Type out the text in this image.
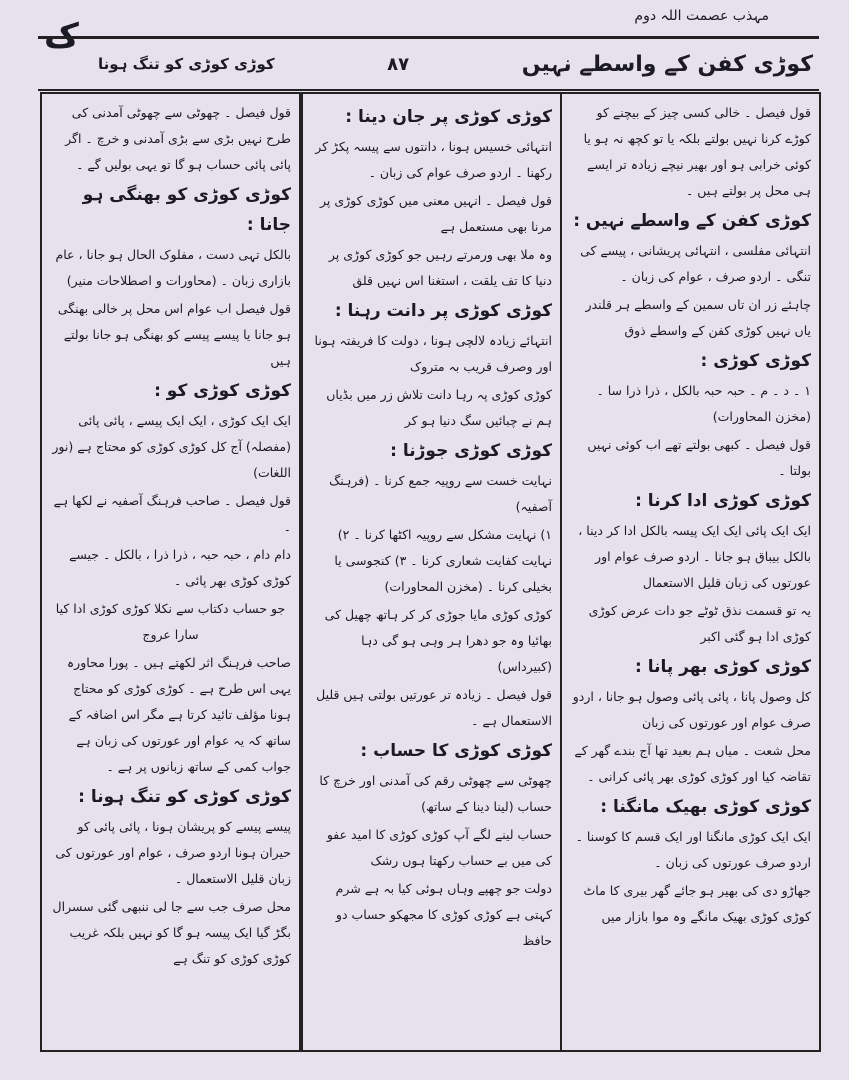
مہذب عصمت اللہ دوم
ک
کوڑی کوڑی کو تنگ ہونا	٨٧	کوڑی کفن کے واسطے نہیں
قول فیصل ۔ خالی کسی چیز کے بیچنے کو کوڑے کرنا نہیں بولتے بلکہ یا تو کچھ نہ ہو یا کوئی خرابی ہو اور بھیر نیچے زیادہ تر ایسے ہی محل پر بولتے ہیں ۔
کوڑی کفن کے واسطے نہیں :
انتہائی مفلسی ، انتہائی پریشانی ، پیسے کی تنگی ۔ اردو صرف ، عوام کی زبان ۔
چاہئے زر ان تاں سمین کے واسطے ہر قلندر یاں نہیں کوڑی کفن کے واسطے ذوق
کوڑی کوڑی :
۱ ۔ د ۔ م ۔ حبہ حبہ بالکل ، ذرا ذرا سا ۔ (مخزن المحاورات)
قول فیصل ۔ کبھی بولتے تھے اب کوئی نہیں بولتا ۔
کوڑی کوڑی ادا کرنا :
ایک ایک پائی ایک ایک پیسہ بالکل ادا کر دینا ، بالکل بیباق ہو جانا ۔ اردو صرف عوام اور عورتوں کی زبان قلیل الاستعمال
یہ تو قسمت نذق ٹوٹے جو دات عرض کوڑی کوڑی ادا ہو گئی اکبر
کوڑی کوڑی بھر پانا :
کل وصول پانا ، پائی پائی وصول ہو جانا ، اردو صرف عوام اور عورتوں کی زبان
محل شعت ۔ میاں ہم بعید تھا آج بندے گھر کے تقاضہ کیا اور کوڑی کوڑی بھر پائی کرانی ۔
کوڑی کوڑی بھیک مانگنا :
ایک ایک کوڑی مانگنا اور ایک قسم کا کوسنا ۔ اردو صرف عورتوں کی زبان ۔
جھاڑو دی کی بھیر ہو جائے گھر بیری کا ماٹ کوڑی کوڑی بھیک مانگے وہ موا بازار میں
کوڑی کوڑی پر جان دینا :
انتہائی خسیس ہونا ، دانتوں سے پیسہ پکڑ کر رکھنا ۔ اردو صرف عوام کی زبان ۔
قول فیصل ۔ انہیں معنی میں کوڑی کوڑی پر مرنا بھی مستعمل ہے
وہ ملا بھی ورمرتے رہیں جو کوڑی کوڑی پر دنیا کا تف یلقت ، استغنا اس نہیں قلق
کوڑی کوڑی پر دانت رہنا :
انتہائے زیادہ لالچی ہونا ، دولت کا فریفتہ ہونا اور وصرف قریب بہ متروک
کوڑی کوڑی پہ رہا دانت تلاش زر میں بڈیاں ہم نے چبائیں سگ دنیا ہو کر
کوڑی کوڑی جوڑنا :
نہایت خست سے روپیہ جمع کرنا ۔ (فرہنگ آصفیہ)
۱) نہایت مشکل سے روپیہ اکٹھا کرنا ۔ ۲) نہایت کفایت شعاری کرنا ۔ ۳) کنجوسی یا بخیلی کرنا ۔ (مخزن المحاورات)
کوڑی کوڑی مایا جوڑی کر کر ہاتھ چھیل کی بھائیا وہ جو دھرا ہر وہی ہو گی دہا (کبیرداس)
قول فیصل ۔ زیادہ تر عورتیں بولتی ہیں قلیل الاستعمال ہے ۔
کوڑی کوڑی کا حساب :
چھوٹی سے چھوٹی رقم کی آمدنی اور خرچ کا حساب (لینا دینا کے ساتھ)
حساب لینے لگے آپ کوڑی کوڑی کا امید عفو کی میں بے حساب رکھتا ہوں رشک
دولت جو چھپے وہاں ہوئی کیا بہ ہے شرم کہتی ہے کوڑی کوڑی کا مجھکو حساب دو حافظ
قول فیصل ۔ چھوٹی سے چھوٹی آمدنی کی طرح نہیں بڑی سے بڑی آمدنی و خرچ ۔ اگر پائی پائی حساب ہو گا تو یہی بولیں گے ۔
کوڑی کوڑی کو بھنگی ہو جانا :
بالکل تہی دست ، مفلوک الحال ہو جانا ، عام بازاری زبان ۔ (محاورات و اصطلاحات منیر)
قول فیصل اب عوام اس محل پر خالی بھنگی ہو جانا یا پیسے پیسے کو بھنگی ہو جانا بولتے ہیں
کوڑی کوڑی کو :
ایک ایک کوڑی ، ایک ایک پیسے ، پائی پائی (مفصلہ) آج کل کوڑی کوڑی کو محتاج ہے (نور اللغات)
قول فیصل ۔ صاحب فرہنگ آصفیہ نے لکھا ہے ۔
دام دام ، حبہ حبہ ، ذرا ذرا ، بالکل ۔ جیسے کوڑی کوڑی بھر پائی ۔
جو حساب دکتاب سے نکلا کوڑی کوڑی ادا کیا سارا عروج
صاحب فرہنگ اثر لکھتے ہیں ۔ پورا محاورہ یہی اس طرح ہے ۔ کوڑی کوڑی کو محتاج ہونا مؤلف تائید کرتا ہے مگر اس اضافہ کے ساتھ کہ یہ عوام اور عورتوں کی زبان ہے جواب کمی کے ساتھ زبانوں پر ہے ۔
کوڑی کوڑی کو تنگ ہونا :
پیسے پیسے کو پریشان ہونا ، پائی پائی کو حیران ہونا اردو صرف ، عوام اور عورتوں کی زبان قلیل الاستعمال ۔
محل صرف جب سے جا لی ننبھی گئی سسرال بگڑ گیا ایک پیسہ ہو گا کو نہیں بلکہ غریب کوڑی کوڑی کو تنگ ہے
